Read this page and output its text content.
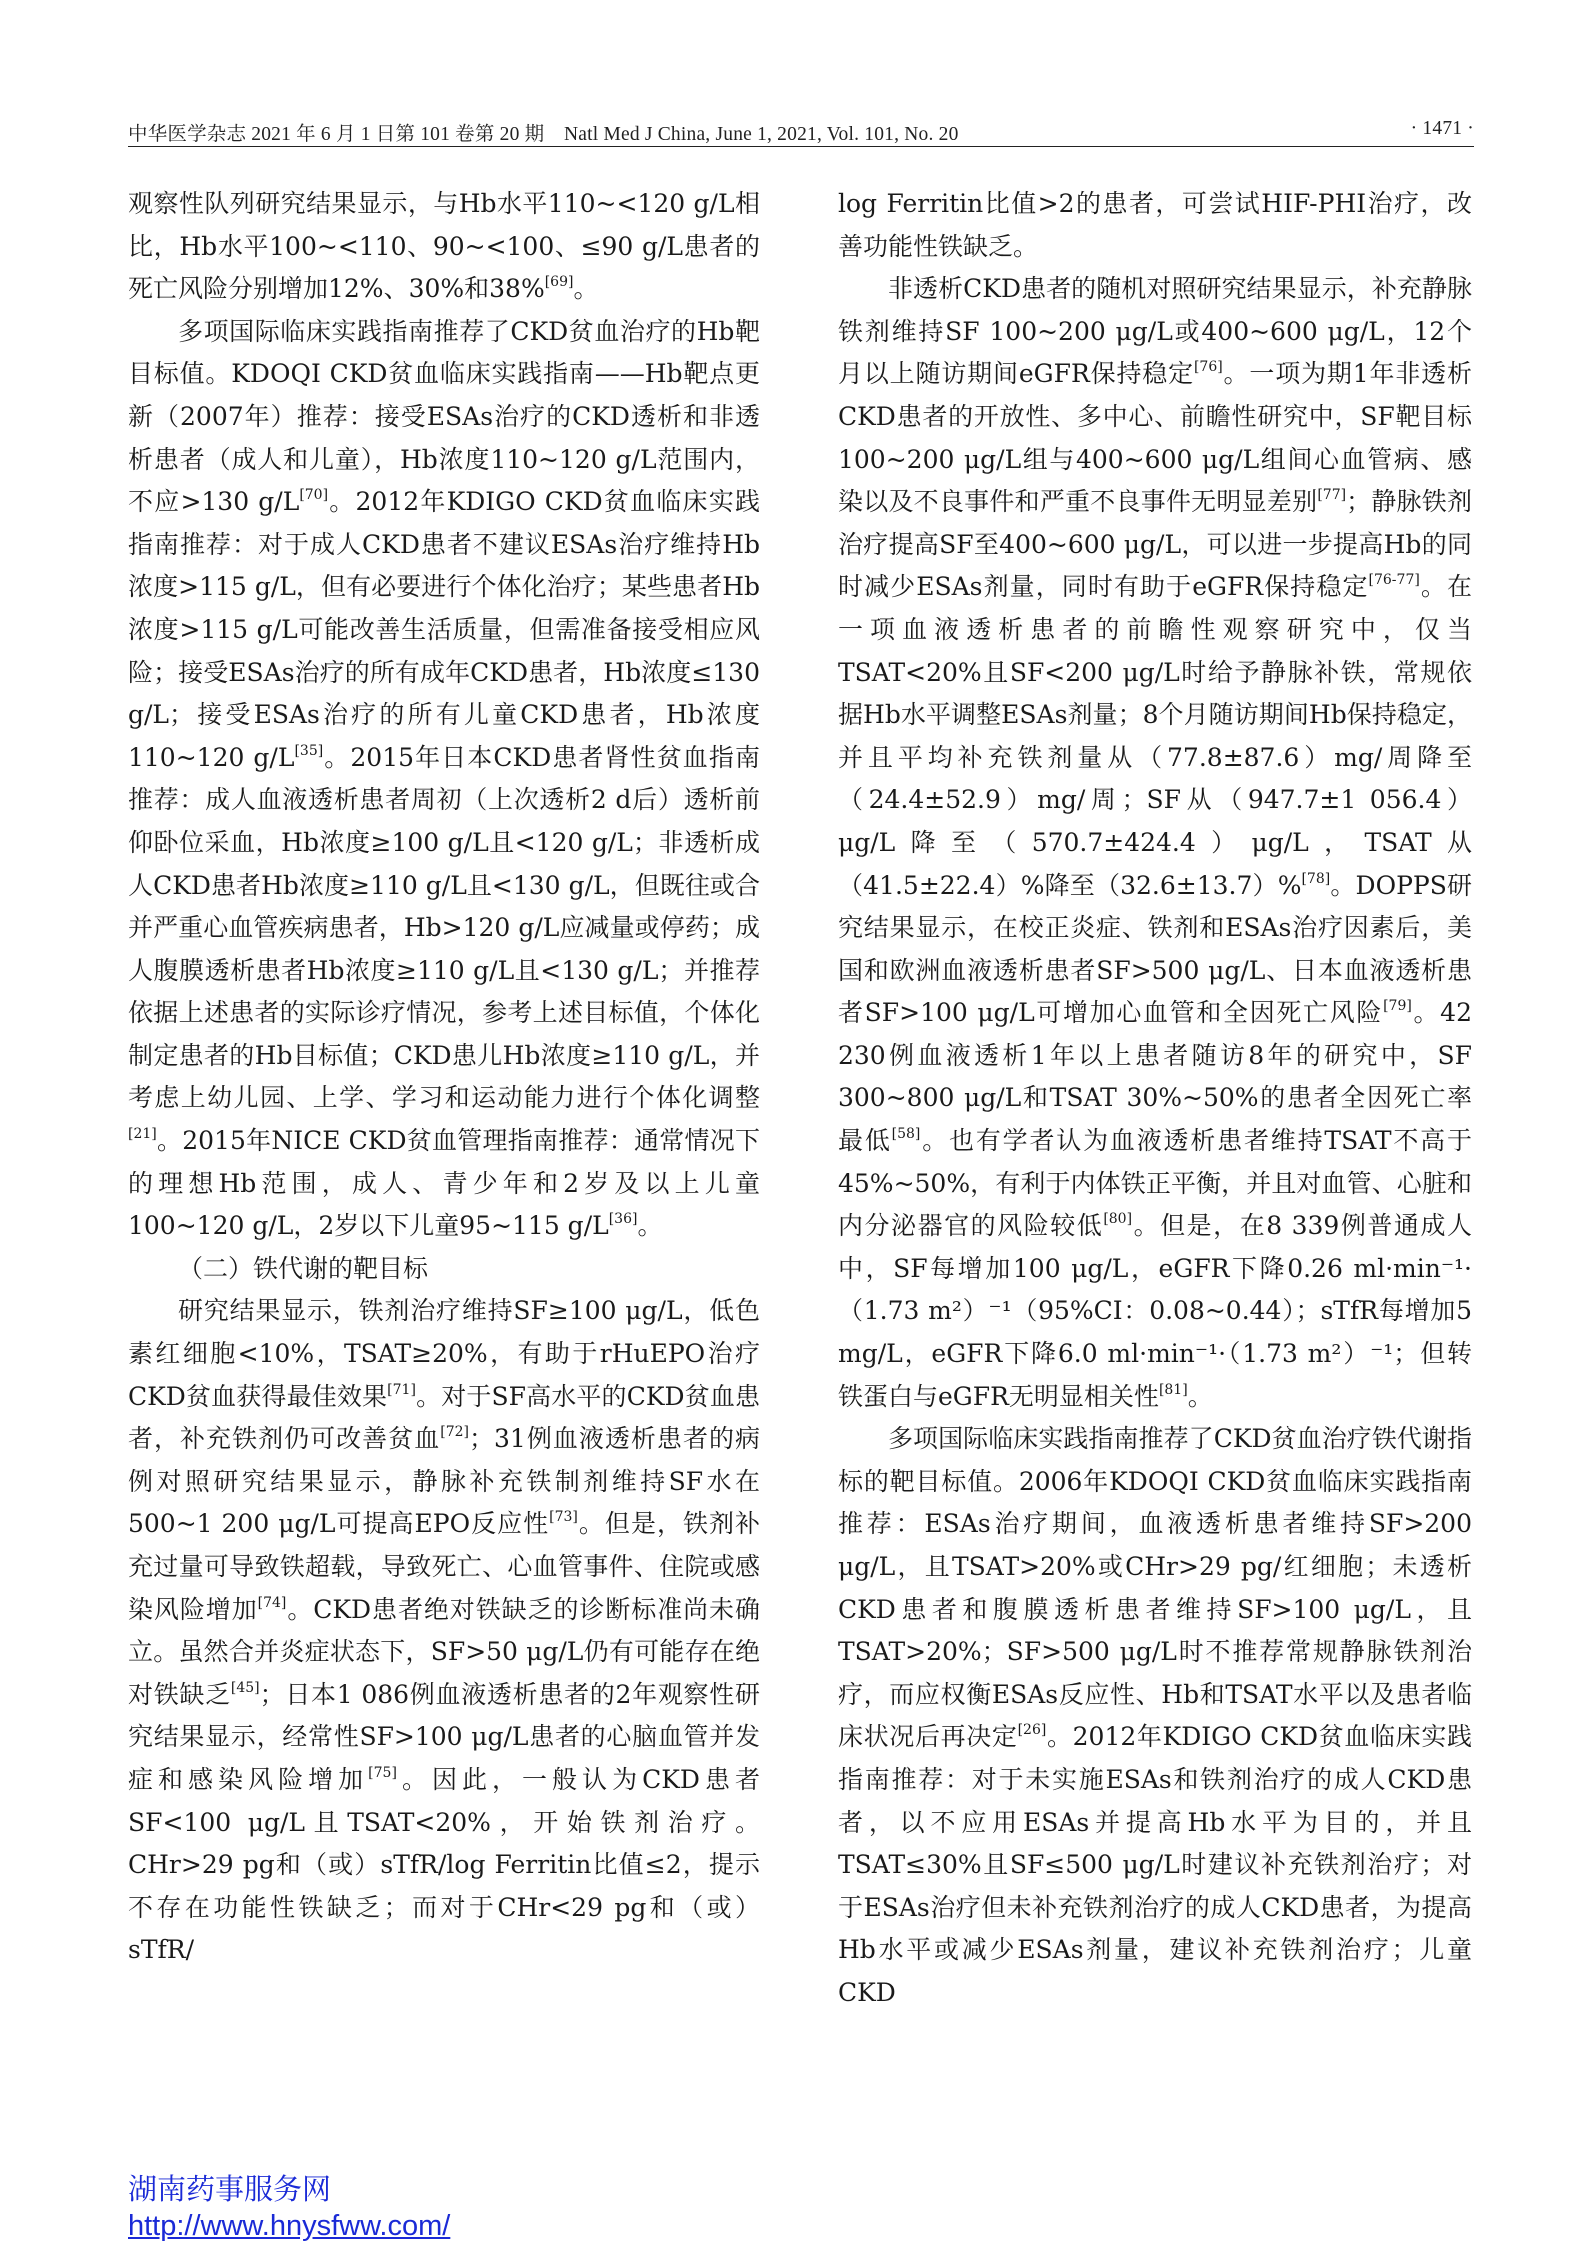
中华医学杂志 2021 年 6 月 1 日第 101 卷第 20 期　Natl Med J China, June 1, 2021, Vol. 101, No. 20	· 1471 ·

观察性队列研究结果显示，与Hb水平110~<120 g/L相比，Hb水平100~<110、90~<100、≤90 g/L患者的死亡风险分别增加12%、30%和38%[69]。

多项国际临床实践指南推荐了CKD贫血治疗的Hb靶目标值。KDOQI CKD贫血临床实践指南——Hb靶点更新（2007年）推荐：接受ESAs治疗的CKD透析和非透析患者（成人和儿童），Hb浓度110~120 g/L范围内，不应>130 g/L[70]。2012年KDIGO CKD贫血临床实践指南推荐：对于成人CKD患者不建议ESAs治疗维持Hb浓度>115 g/L，但有必要进行个体化治疗；某些患者Hb浓度>115 g/L可能改善生活质量，但需准备接受相应风险；接受ESAs治疗的所有成年CKD患者，Hb浓度≤130 g/L；接受ESAs治疗的所有儿童CKD患者，Hb浓度110~120 g/L[35]。2015年日本CKD患者肾性贫血指南推荐：成人血液透析患者周初（上次透析2 d后）透析前仰卧位采血，Hb浓度≥100 g/L且<120 g/L；非透析成人CKD患者Hb浓度≥110 g/L且<130 g/L，但既往或合并严重心血管疾病患者，Hb>120 g/L应减量或停药；成人腹膜透析患者Hb浓度≥110 g/L且<130 g/L；并推荐依据上述患者的实际诊疗情况，参考上述目标值，个体化制定患者的Hb目标值；CKD患儿Hb浓度≥110 g/L，并考虑上幼儿园、上学、学习和运动能力进行个体化调整[21]。2015年NICE CKD贫血管理指南推荐：通常情况下的理想Hb范围，成人、青少年和2岁及以上儿童100~120 g/L，2岁以下儿童95~115 g/L[36]。

（二）铁代谢的靶目标

研究结果显示，铁剂治疗维持SF≥100 μg/L，低色素红细胞<10%，TSAT≥20%，有助于rHuEPO治疗CKD贫血获得最佳效果[71]。对于SF高水平的CKD贫血患者，补充铁剂仍可改善贫血[72]；31例血液透析患者的病例对照研究结果显示，静脉补充铁制剂维持SF水在500~1 200 μg/L可提高EPO反应性[73]。但是，铁剂补充过量可导致铁超载，导致死亡、心血管事件、住院或感染风险增加[74]。CKD患者绝对铁缺乏的诊断标准尚未确立。虽然合并炎症状态下，SF>50 μg/L仍有可能存在绝对铁缺乏[45]；日本1 086例血液透析患者的2年观察性研究结果显示，经常性SF>100 μg/L患者的心脑血管并发症和感染风险增加[75]。因此，一般认为CKD患者SF<100 μg/L且TSAT<20%，开始铁剂治疗。CHr>29 pg和（或）sTfR/log Ferritin比值≤2，提示不存在功能性铁缺乏；而对于CHr<29 pg和（或）sTfR/

log Ferritin比值>2的患者，可尝试HIF-PHI治疗，改善功能性铁缺乏。

非透析CKD患者的随机对照研究结果显示，补充静脉铁剂维持SF 100~200 μg/L或400~600 μg/L，12个月以上随访期间eGFR保持稳定[76]。一项为期1年非透析CKD患者的开放性、多中心、前瞻性研究中，SF靶目标100~200 μg/L组与400~600 μg/L组间心血管病、感染以及不良事件和严重不良事件无明显差别[77]；静脉铁剂治疗提高SF至400~600 μg/L，可以进一步提高Hb的同时减少ESAs剂量，同时有助于eGFR保持稳定[76-77]。在一项血液透析患者的前瞻性观察研究中，仅当TSAT<20%且SF<200 μg/L时给予静脉补铁，常规依据Hb水平调整ESAs剂量；8个月随访期间Hb保持稳定，并且平均补充铁剂量从（77.8±87.6）mg/周降至（24.4±52.9）mg/周；SF从（947.7±1 056.4）μg/L降至（570.7±424.4）μg/L，TSAT从（41.5±22.4）%降至（32.6±13.7）%[78]。DOPPS研究结果显示，在校正炎症、铁剂和ESAs治疗因素后，美国和欧洲血液透析患者SF>500 μg/L、日本血液透析患者SF>100 μg/L可增加心血管和全因死亡风险[79]。42 230例血液透析1年以上患者随访8年的研究中，SF 300~800 μg/L和TSAT 30%~50%的患者全因死亡率最低[58]。也有学者认为血液透析患者维持TSAT不高于45%~50%，有利于内体铁正平衡，并且对血管、心脏和内分泌器官的风险较低[80]。但是，在8 339例普通成人中，SF每增加100 μg/L，eGFR下降0.26 ml·min⁻¹·（1.73 m²）⁻¹（95%CI：0.08~0.44）；sTfR每增加5 mg/L，eGFR下降6.0 ml·min⁻¹·（1.73 m²）⁻¹；但转铁蛋白与eGFR无明显相关性[81]。

多项国际临床实践指南推荐了CKD贫血治疗铁代谢指标的靶目标值。2006年KDOQI CKD贫血临床实践指南推荐：ESAs治疗期间，血液透析患者维持SF>200 μg/L，且TSAT>20%或CHr>29 pg/红细胞；未透析CKD患者和腹膜透析患者维持SF>100 μg/L，且TSAT>20%；SF>500 μg/L时不推荐常规静脉铁剂治疗，而应权衡ESAs反应性、Hb和TSAT水平以及患者临床状况后再决定[26]。2012年KDIGO CKD贫血临床实践指南推荐：对于未实施ESAs和铁剂治疗的成人CKD患者，以不应用ESAs并提高Hb水平为目的，并且TSAT≤30%且SF≤500 μg/L时建议补充铁剂治疗；对于ESAs治疗但未补充铁剂治疗的成人CKD患者，为提高Hb水平或减少ESAs剂量，建议补充铁剂治疗；儿童CKD

湖南药事服务网
http://www.hnysfww.com/
